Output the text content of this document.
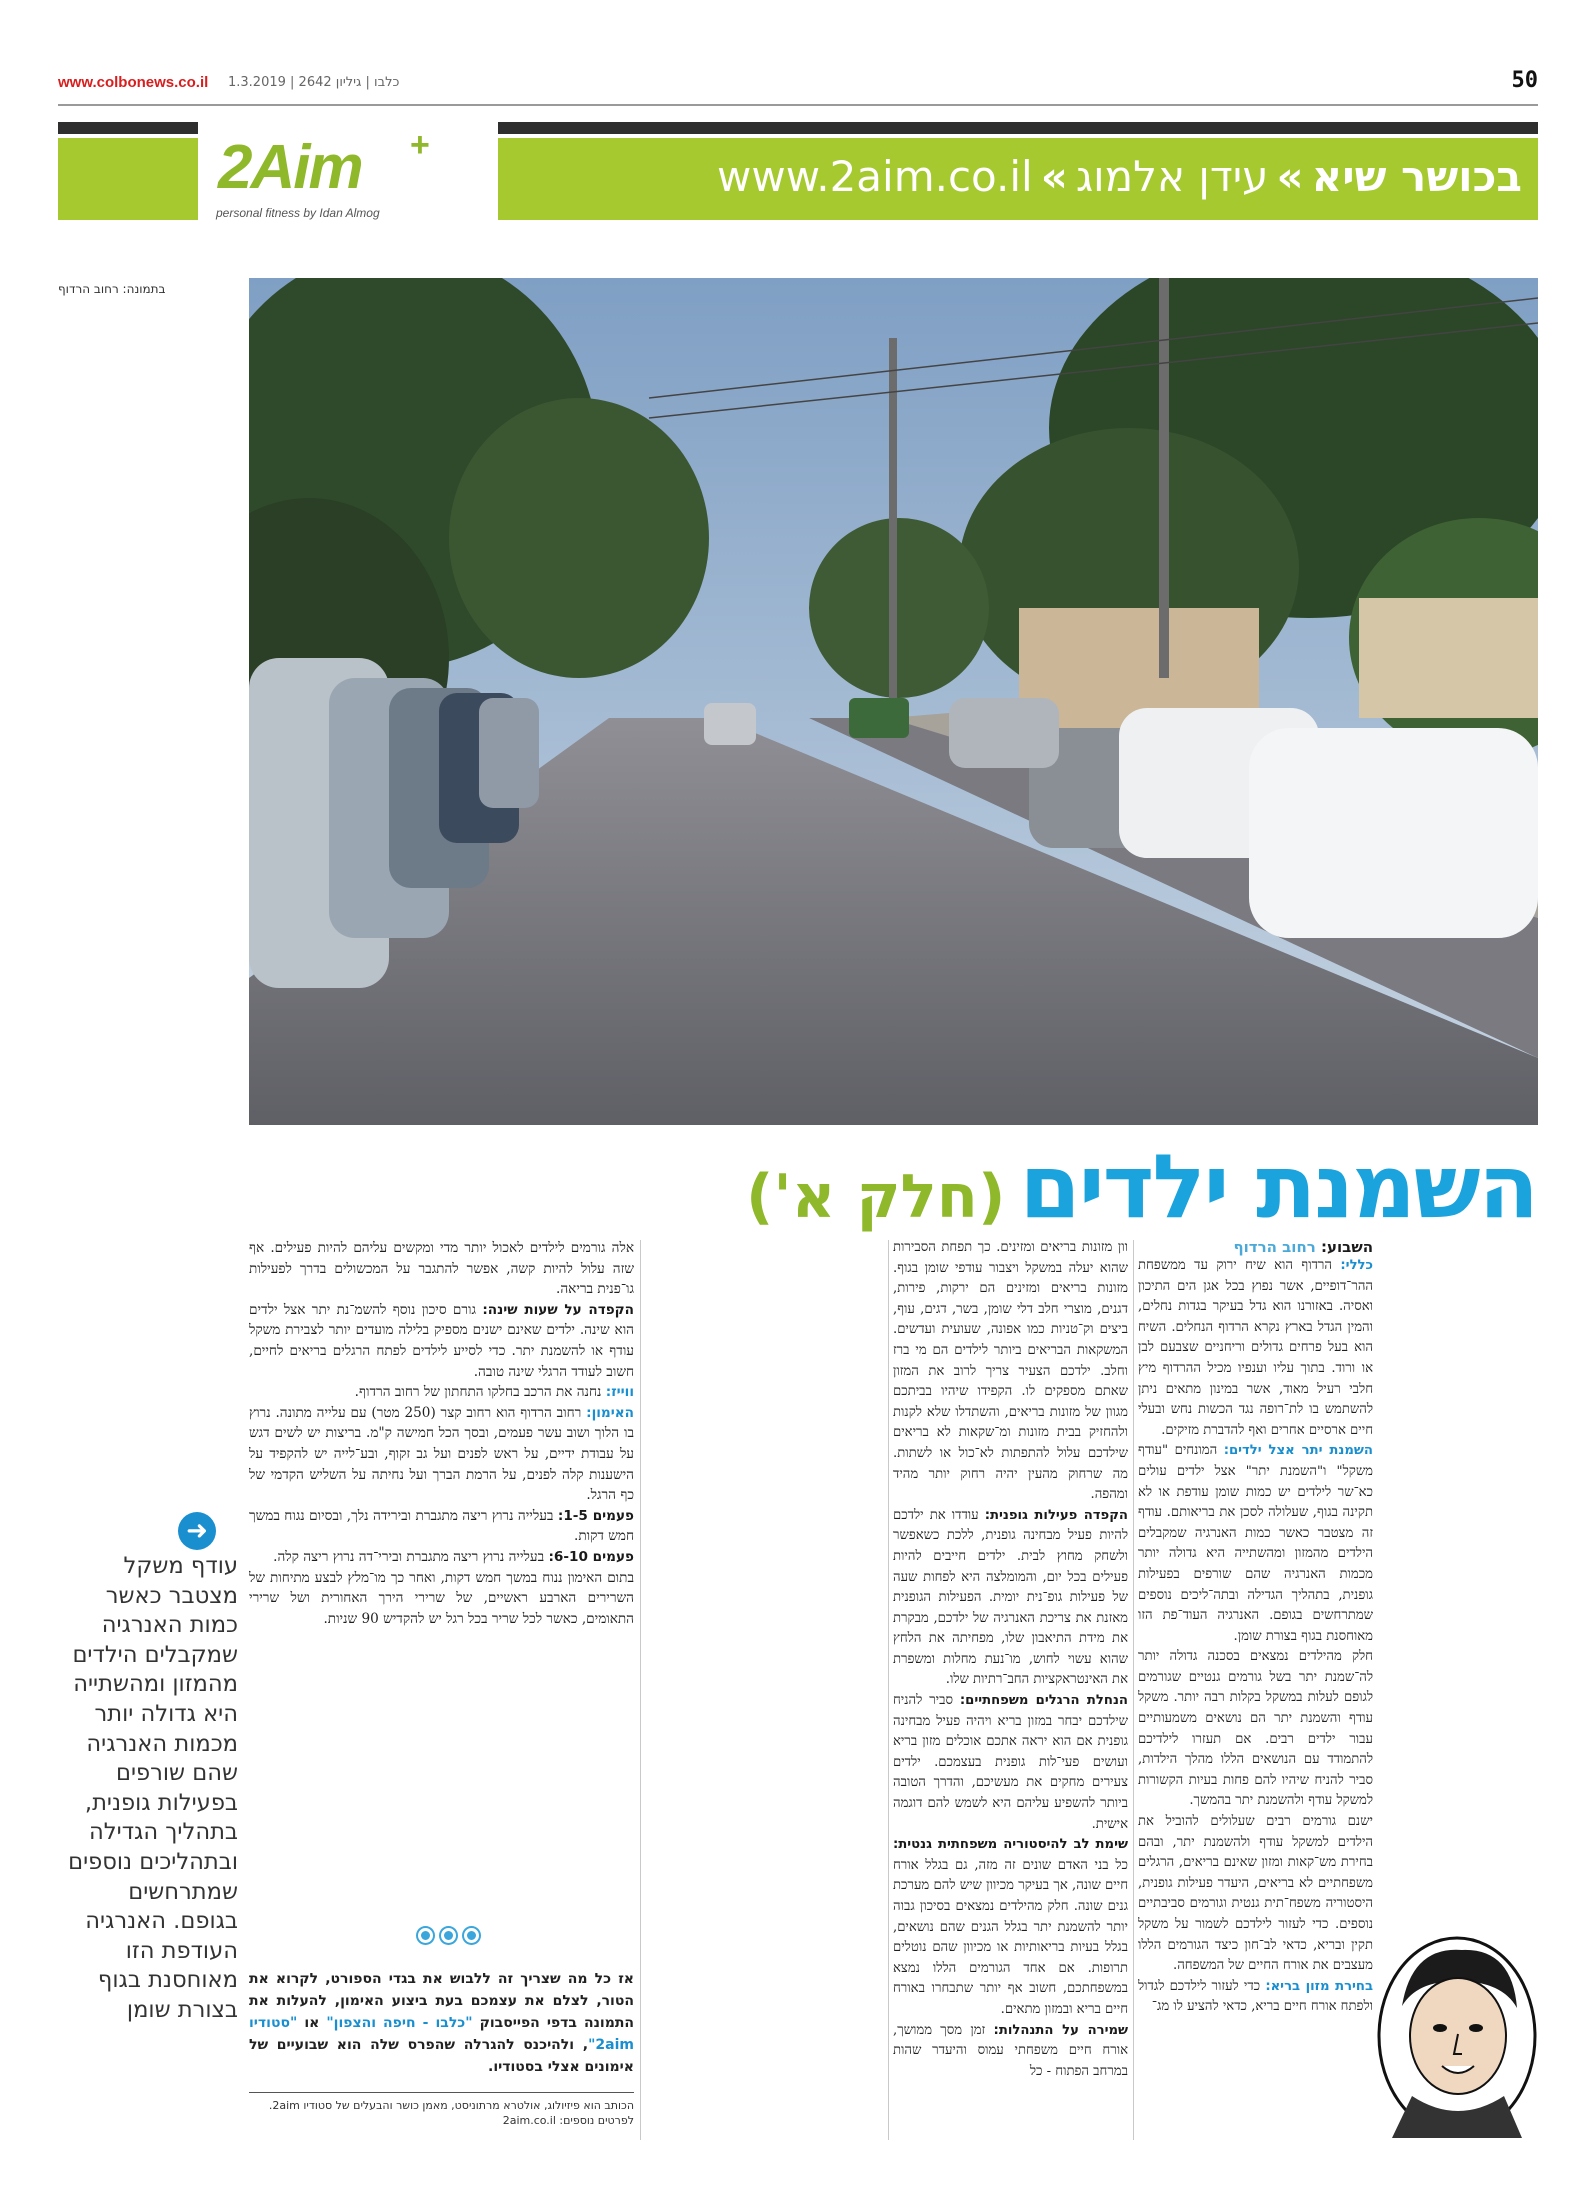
www.colbonews.co.il כלבו | גיליון 2642 | 1.3.2019	50
2Aim +
personal fitness by Idan Almog
בכושר שיא»עידן אלמוג»www.2aim.co.il
בתמונה: רחוב הרדוף
השמנת ילדים(חלק א')
השבוע: רחוב הרדוף

כללי: הרדוף הוא שיח ירוק עד ממשפחת ההר־דופיים, אשר נפוץ בכל אגן הים התיכון ואסיה. באזורנו הוא גדל בעיקר בגדות נחלים, והמין הגדל בארץ נקרא הרדוף הנחלים. השיח הוא בעל פרחים גדולים וריחניים שצבעם לבן או ורוד. בתוך עליו וענפיו מכיל ההרדוף מיץ חלבי רעיל מאוד, אשר במינון מתאים ניתן להשתמש בו לת־רופה נגד הכשות נחש ובעלי חיים ארסיים אחרים ואף להדברת מזיקים.

השמנת יתר אצל ילדים: המונחים "עודף משקל" ו"השמנת יתר" אצל ילדים עולים כא־שר לילדים יש כמות שומן עודפת או לא תקינה בגוף, שעלולה לסכן את בריאותם. עודף זה מצטבר כאשר כמות האנרגיה שמקבלים הילדים מהמזון ומהשתייה היא גדולה יותר מכמות האנרגיה שהם שורפים בפעילות גופנית, בתהליך הגדילה ובתה־ליכים נוספים שמתרחשים בגופם. האנרגיה העוד־פת הזו מאוחסנת בגוף בצורת שומן.

חלק מהילדים נמצאים בסכנה גדולה יותר לה־שמנת יתר בשל גורמים גנטיים שגורמים לגופם לעלות במשקל בקלות רבה יותר. משקל עודף והשמנת יתר הם נושאים משמעותיים עבור ילדים רבים. אם תעזרו לילדיכם להתמודד עם הנושאים הללו מהלך הילדות, סביר להניח שיהיו להם פחות בעיות הקשורות למשקל עודף ולהשמנת יתר בהמשך.

ישנם גורמים רבים שעלולים להוביל את הילדים למשקל עודף ולהשמנת יתר, ובהם בחירת מש־קאות ומזון שאינם בריאים, הרגלים משפחתיים לא בריאים, היעדר פעילות גופנית, היסטוריה משפח־תית גנטית וגורמים סביבתיים נוספים. כדי לעזור לילדכם לשמור על משקל תקין ובריא, כדאי לב־חון כיצד הגורמים הללו מעצבים את אורח החיים של המשפחה.

בחירת מזון בריא: כדי לעזור לילדכם לגדול ולפתח אורח חיים בריא, כדאי להציע לו מג־

וון מזונות בריאים ומזינים. כך תפחת הסבירות שהוא יעלה במשקל ויצבור עודפי שומן בגוף. מזונות בריאים ומזינים הם ירקות, פירות, דגנים, מוצרי חלב דלי שומן, בשר, דגים, עוף, ביצים וק־טניות כמו אפונה, שעועית ועדשים. המשקאות הבריאים ביותר לילדים הם מי ברז וחלב. ילדכם הצעיר צריך לרוב את המזון שאתם מספקים לו. הקפידו שיהיו בביתכם מגוון של מזונות בריאים, והשתדלו שלא לקנות ולהחזיק בבית מזונות ומ־שקאות לא בריאים שילדכם עלול להתפתות לא־כול או לשתות. מה שרחוק מהעין יהיה רחוק יותר מהיד ומהפה.

הקפדה פעילות גופנית: עודדו את ילדכם להיות פעיל מבחינה גופנית, ללכת כשאפשר ולשחק מחוץ לבית. ילדים חייבים להיות פעילים בכל יום, והמומלצה היא לפחות שעה של פעילות גופ־נית יומית. הפעילות הגופנית מאזנת את צריכת האנרגיה של ילדכם, מבקרת את מידת התיאבון שלו, מפחיתה את הלחץ שהוא עשוי לחוש, מו־נעת מחלות ומשפרת את האינטראקציות החב־רתיות שלו.

הנחלת הרגלים משפחתיים: סביר להניח שילדכם יבחר במזון בריא ויהיה פעיל מבחינה גופנית אם הוא יראה אתכם אוכלים מזון בריא ועושים פעי־לות גופנית בעצמכם. ילדים צעירים מחקים את מעשיכם, והדרך הטובה ביותר להשפיע עליהם היא לשמש להם דוגמה אישית.

שימת לב להיסטוריה משפחתית גנטית: כל בני האדם שונים זה מזה, גם בגלל אורח חיים שונה, אך בעיקר מכיוון שיש להם מערכת גנים שונה. חלק מהילדים נמצאים בסיכון גבוה יותר להשמנת יתר בגלל הגנים שהם נושאים, בגלל בעיות בריאותיות או מכיוון שהם נוטלים תרופות. אם אחד הגורמים הללו נמצא במשפחתכם, חשוב אף יותר שתבחרו באורח חיים בריא ובמזון מתאים.

שמירה על התנהלות: זמן מסך ממושך, אורח חיים משפחתי עמוס והיעדר שהות במרחב הפתוח - כל

אלה גורמים לילדים לאכול יותר מדי ומקשים עליהם להיות פעילים. אף שזה עלול להיות קשה, אפשר להתגבר על המכשולים בדרך לפעילות גו־פנית בריאה.

הקפדה על שעות שינה: גורם סיכון נוסף להשמ־נת יתר אצל ילדים הוא שינה. ילדים שאינם ישנים מספיק בלילה מועדים יותר לצבירת משקל עודף או להשמנת יתר. כדי לסייע לילדים לפתח הרגלים בריאים לחיים, חשוב לעודד הרגלי שינה טובה.

ווייז: נחנה את הרכב בחלקו התחתון של רחוב הרדוף.

האימון: רחוב הרדוף הוא רחוב קצר (250 מטר) עם עלייה מתונה. נרוץ בו הלוך ושוב עשר פעמים, ובסך הכל חמישה ק"מ. בריצות יש לשים דגש על עבודת ידיים, על ראש לפנים ועל גב זקוף, ובע־לייה יש להקפיד על הישענות קלה לפנים, על הרמת הברך ועל נחיתה על השליש הקדמי של כף הרגל.

פעמים 1-5: בעלייה נרוץ ריצה מתגברת ובירידה נלך, ובסיום נגוח במשך חמש דקות.

פעמים 6-10: בעלייה נרוץ ריצה מתגברת ובירי־דה נרוץ ריצה קלה.

בתום האימון ננוח במשך חמש דקות, ואחר כך מו־מלץ לבצע מתיחות של השרירים הארבע ראשיים, של שרירי הירך האחורית ושל שרירי התאומים, כאשר לכל שריר בכל רגל יש להקדיש 90 שניות.

אז כל מה שצריך זה ללבוש את בגדי הספורט, לקרוא את הטור, לצלם את עצמכם בעת ביצוע האימון, להעלות את התמונה בדפי הפייסבוק "כלבו - חיפה והצפון" או "סטודיו 2aim", ולהיכנס להגרלה שהפרס שלה הוא שבועיים של אימונים אצלי בסטודיו.
הכותב הוא פיזיולוג, אולטרא מרתוניסט, מאמן כושר והבעלים של סטודיו 2aim. לפרטים נוספים: 2aim.co.il
➜
עודף משקל מצטבר כאשר כמות האנרגיה שמקבלים הילדים מהמזון ומהשתייה היא גדולה יותר מכמות האנרגיה שהם שורפים בפעילות גופנית, בתהליך הגדילה ובתהליכים נוספים שמתרחשים בגופם. האנרגיה העודפת הזו מאוחסנת בגוף בצורת שומן
